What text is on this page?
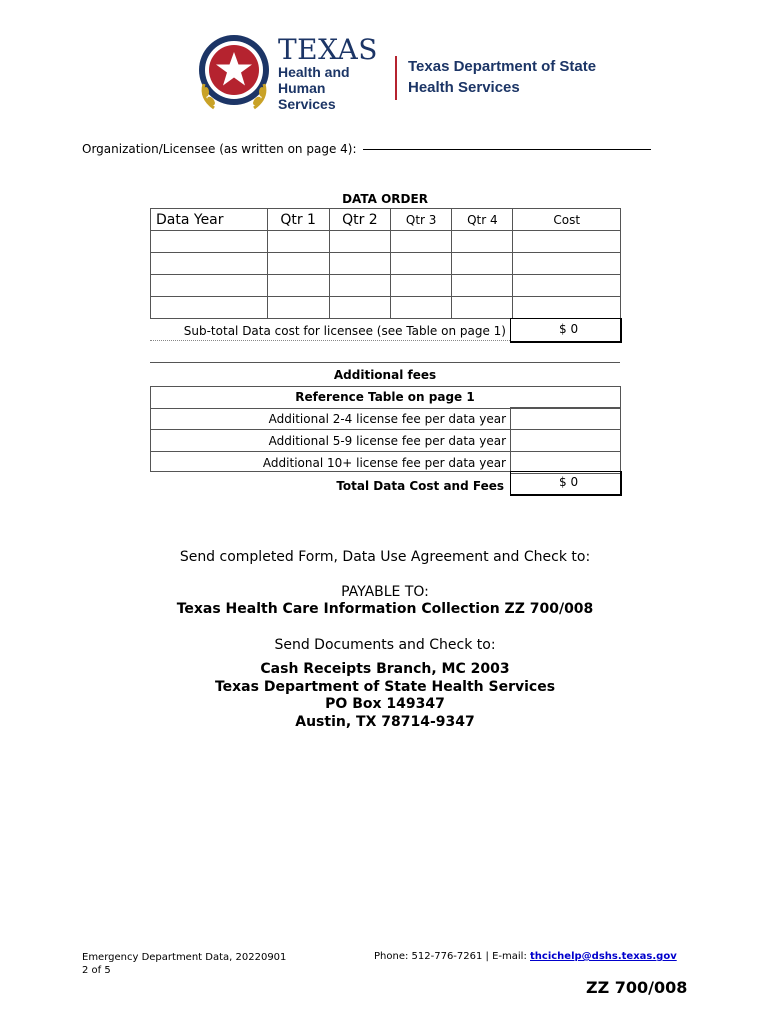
TEXAS
Health and Human
Services
Texas Department of State
Health Services
Organization/Licensee (as written on page 4):
DATA ORDER
Data Year	Qtr 1	Qtr 2	Qtr 3	Qtr 4	Cost

Sub-total Data cost for licensee (see Table on page 1)	$ 0
Additional fees
Reference Table on page 1
Additional 2-4 license fee per data year
Additional 5-9 license fee per data year
Additional 10+ license fee per data year
Total Data Cost and Fees	$ 0
Send completed Form, Data Use Agreement and Check to:
PAYABLE TO:
Texas Health Care Information Collection ZZ 700/008
Send Documents and Check to:
Cash Receipts Branch, MC 2003
Texas Department of State Health Services
PO Box 149347
Austin, TX 78714-9347
Emergency Department Data, 20220901
2 of 5
Phone: 512-776-7261 | E-mail: thcichelp@dshs.texas.gov
ZZ 700/008
